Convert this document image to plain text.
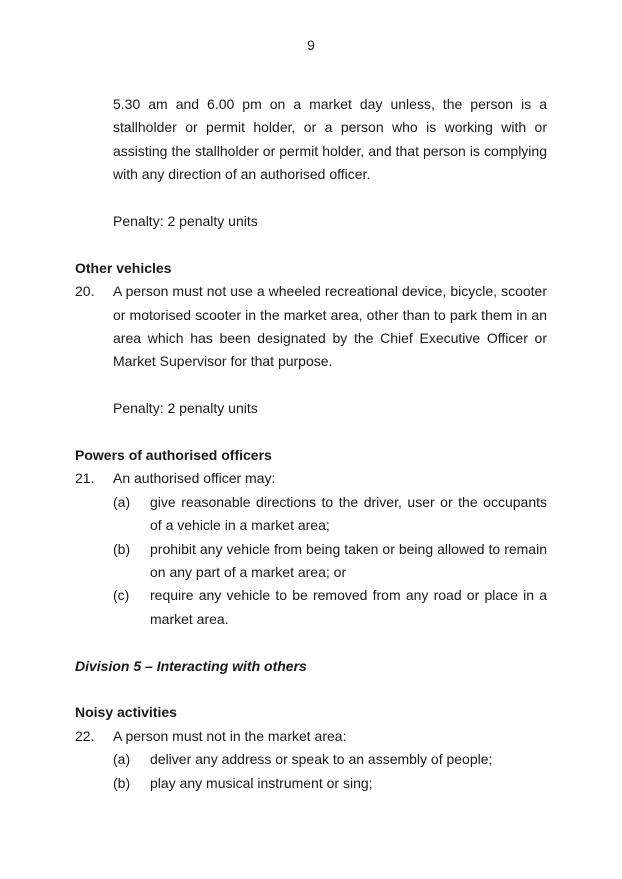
9

5.30 am and 6.00 pm on a market day unless, the person is a stallholder or permit holder, or a person who is working with or assisting the stallholder or permit holder, and that person is complying with any direction of an authorised officer.

Penalty: 2 penalty units

Other vehicles

20.	A person must not use a wheeled recreational device, bicycle, scooter or motorised scooter in the market area, other than to park them in an area which has been designated by the Chief Executive Officer or Market Supervisor for that purpose.

Penalty: 2 penalty units

Powers of authorised officers

21.	An authorised officer may:
(a)	give reasonable directions to the driver, user or the occupants of a vehicle in a market area;
(b)	prohibit any vehicle from being taken or being allowed to remain on any part of a market area; or
(c)	require any vehicle to be removed from any road or place in a market area.

Division 5 – Interacting with others

Noisy activities

22.	A person must not in the market area:
(a)	deliver any address or speak to an assembly of people;
(b)	play any musical instrument or sing;
